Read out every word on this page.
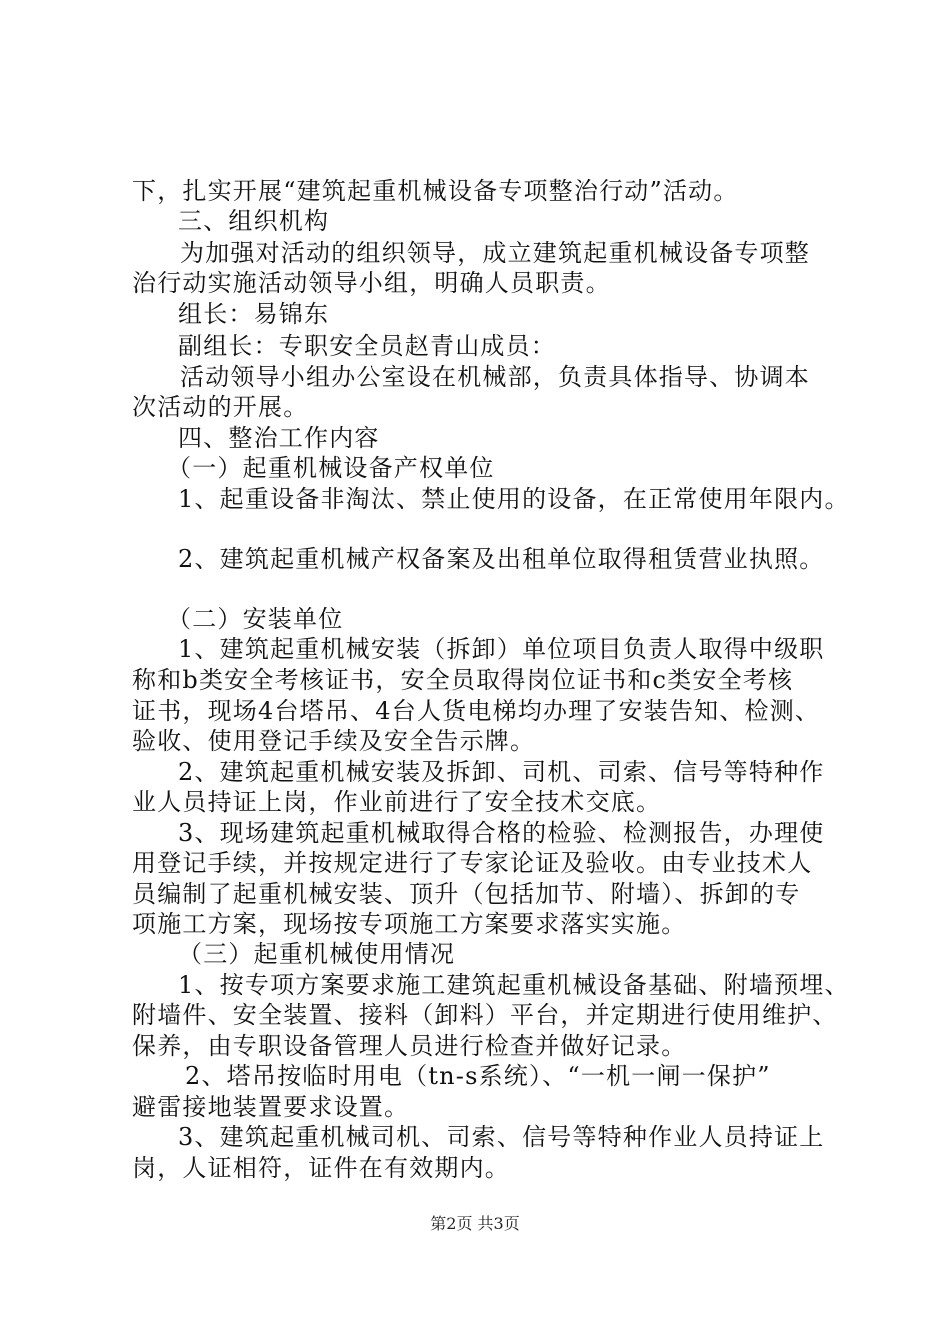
下，扎实开展“建筑起重机械设备专项整治行动”活动。
三、组织机构
为加强对活动的组织领导，成立建筑起重机械设备专项整
治行动实施活动领导小组，明确人员职责。
组长：易锦东
副组长：专职安全员赵青山成员：
活动领导小组办公室设在机械部，负责具体指导、协调本
次活动的开展。
四、整治工作内容
（一）起重机械设备产权单位
1、起重设备非淘汰、禁止使用的设备，在正常使用年限内。
2、建筑起重机械产权备案及出租单位取得租赁营业执照。
（二）安装单位
1、建筑起重机械安装（拆卸）单位项目负责人取得中级职
称和b类安全考核证书，安全员取得岗位证书和c类安全考核
证书，现场4台塔吊、4台人货电梯均办理了安装告知、检测、
验收、使用登记手续及安全告示牌。
2、建筑起重机械安装及拆卸、司机、司索、信号等特种作
业人员持证上岗，作业前进行了安全技术交底。
3、现场建筑起重机械取得合格的检验、检测报告，办理使
用登记手续，并按规定进行了专家论证及验收。由专业技术人
员编制了起重机械安装、顶升（包括加节、附墙）、拆卸的专
项施工方案，现场按专项施工方案要求落实实施。
（三）起重机械使用情况
1、按专项方案要求施工建筑起重机械设备基础、附墙预埋、
附墙件、安全装置、接料（卸料）平台，并定期进行使用维护、
保养，由专职设备管理人员进行检查并做好记录。
2、塔吊按临时用电（tn-s系统）、“一机一闸一保护”
避雷接地装置要求设置。
3、建筑起重机械司机、司索、信号等特种作业人员持证上
岗，人证相符，证件在有效期内。
第2页 共3页
